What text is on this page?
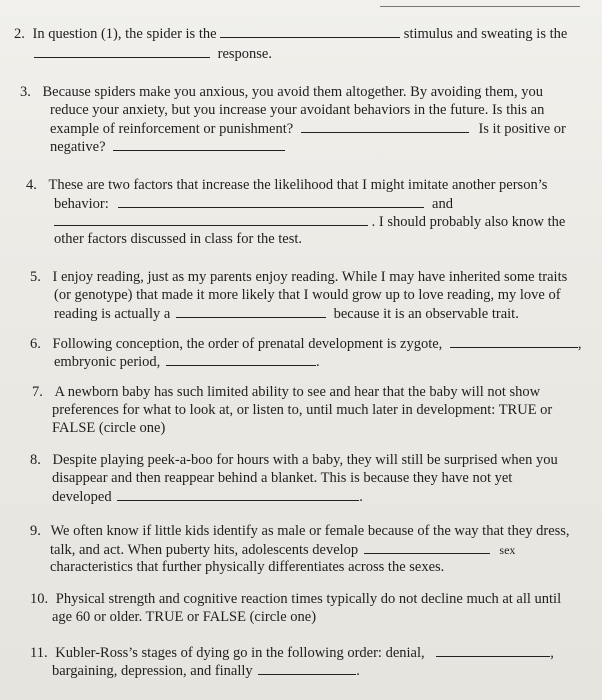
2. In question (1), the spider is the	stimulus and sweating is the
response.
3. Because spiders make you anxious, you avoid them altogether. By avoiding them, you
reduce your anxiety, but you increase your avoidant behaviors in the future. Is this an
example of reinforcement or punishment?	Is it positive or
negative?
4. These are two factors that increase the likelihood that I might imitate another person’s
behavior:	and
. I should probably also know the
other factors discussed in class for the test.
5. I enjoy reading, just as my parents enjoy reading. While I may have inherited some traits
(or genotype) that made it more likely that I would grow up to love reading, my love of
reading is actually a	because it is an observable trait.
6. Following conception, the order of prenatal development is zygote,	,
embryonic period,	.
7. A newborn baby has such limited ability to see and hear that the baby will not show
preferences for what to look at, or listen to, until much later in development: TRUE or
FALSE (circle one)
8. Despite playing peek-a-boo for hours with a baby, they will still be surprised when you
disappear and then reappear behind a blanket. This is because they have not yet
developed	.
9. We often know if little kids identify as male or female because of the way that they dress,
talk, and act. When puberty hits, adolescents develop	sex
characteristics that further physically differentiates across the sexes.
10. Physical strength and cognitive reaction times typically do not decline much at all until
age 60 or older. TRUE or FALSE (circle one)
11. Kubler-Ross’s stages of dying go in the following order: denial,	,
bargaining, depression, and finally	.
